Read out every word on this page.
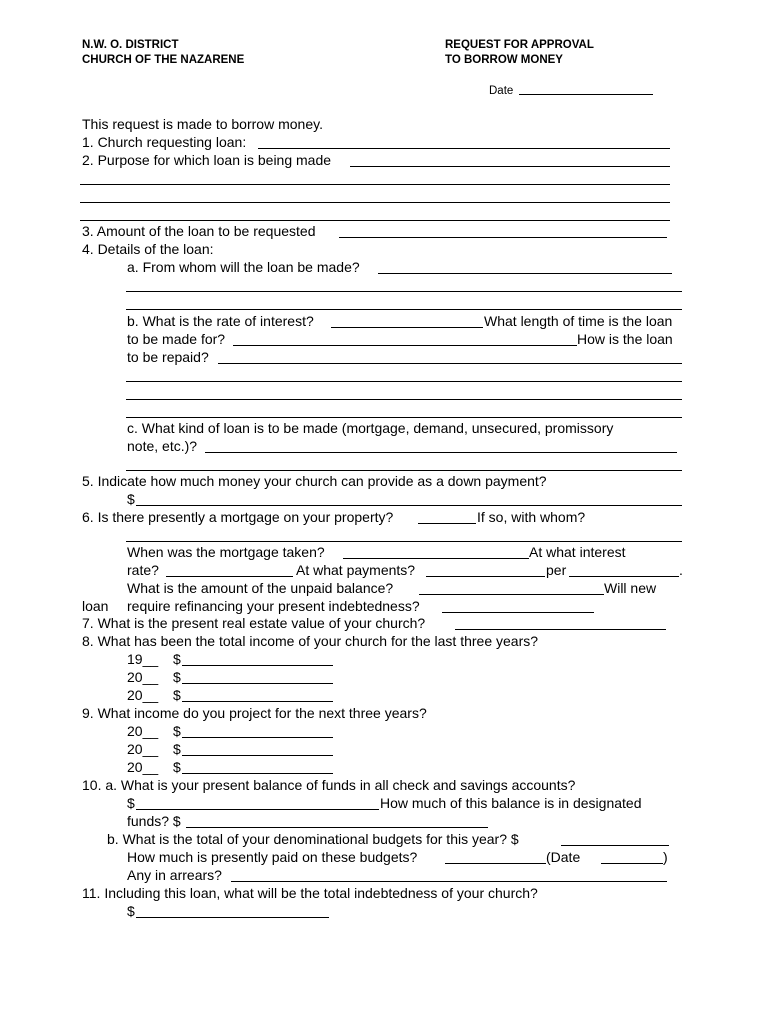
N.W. O. DISTRICT
CHURCH OF THE NAZARENE
REQUEST FOR APPROVAL
TO BORROW MONEY
Date
This request is made to borrow money.
1. Church requesting loan:
2. Purpose for which loan is being made
3. Amount of the loan to be requested
4. Details of the loan:
a. From whom will the loan be made?
b. What is the rate of interest?	What length of time is the loan
to be made for?	How is the loan
to be repaid?
c. What kind of loan is to be made (mortgage, demand, unsecured, promissory
note, etc.)?
5. Indicate how much money your church can provide as a down payment?
$
6. Is there presently a mortgage on your property?	If so, with whom?
When was the mortgage taken?	At what interest
rate?	At what payments?	per	.
What is the amount of the unpaid balance?	Will new
loan require refinancing your present indebtedness?
7. What is the present real estate value of your church?
8. What has been the total income of your church for the last three years?
19__ $
20__ $
20__ $
9. What income do you project for the next three years?
20__ $
20__ $
20__ $
10. a. What is your present balance of funds in all check and savings accounts?
$	How much of this balance is in designated
funds? $
b. What is the total of your denominational budgets for this year? $
How much is presently paid on these budgets?	(Date	)
Any in arrears?
11. Including this loan, what will be the total indebtedness of your church?
$
